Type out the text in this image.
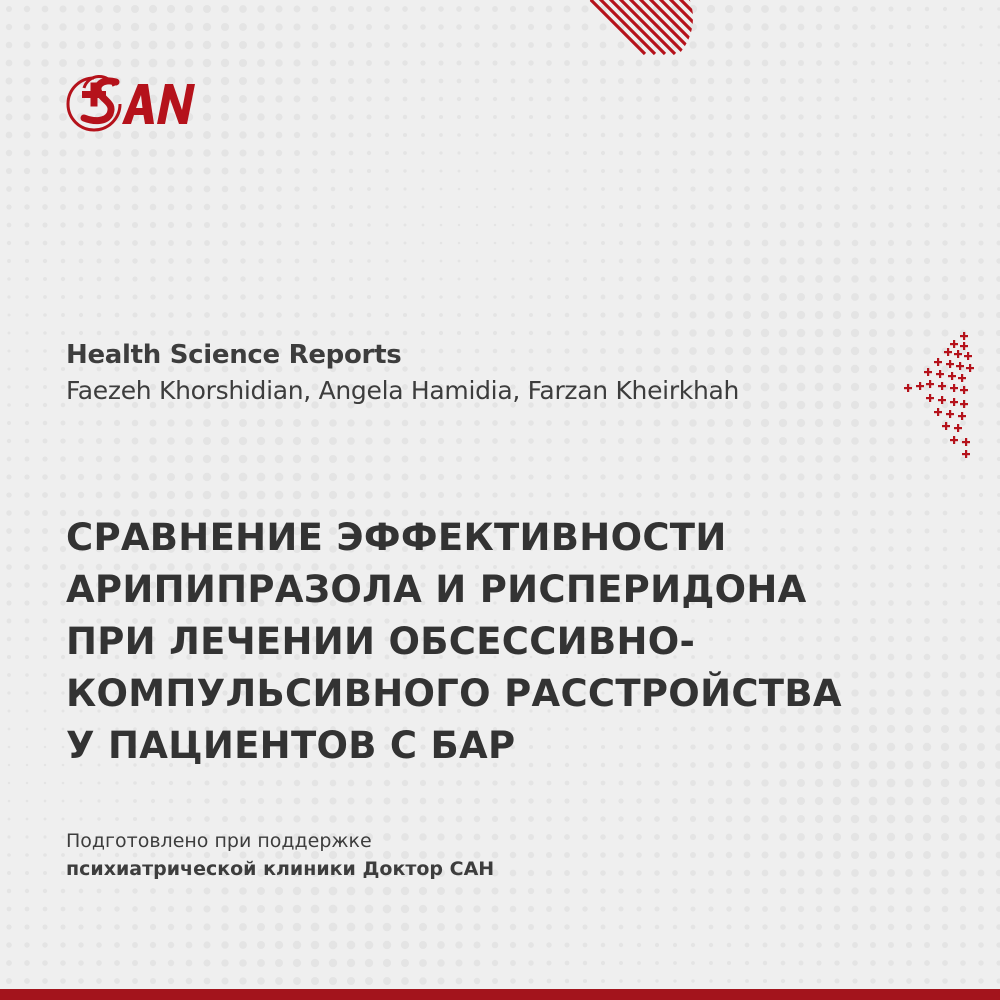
Health Science Reports
Faezeh Khorshidian, Angela Hamidia, Farzan Kheirkhah
СРАВНЕНИЕ ЭФФЕКТИВНОСТИ
АРИПИПРАЗОЛА И РИСПЕРИДОНА
ПРИ ЛЕЧЕНИИ ОБСЕССИВНО-
КОМПУЛЬСИВНОГО РАССТРОЙСТВА
У ПАЦИЕНТОВ С БАР
Подготовлено при поддержке
психиатрической клиники Доктор САН
